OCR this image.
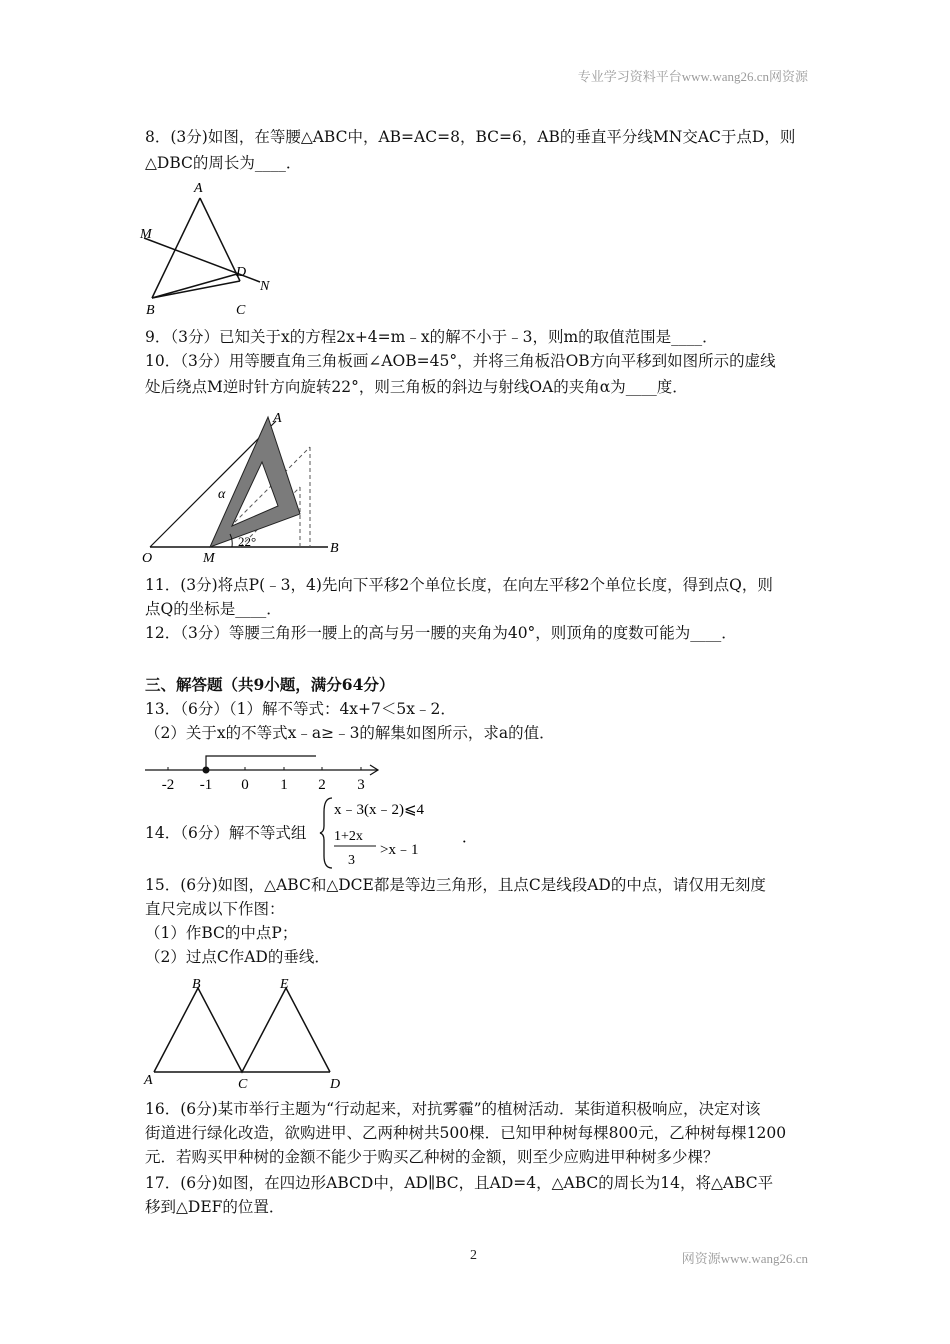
专业学习资料平台www.wang26.cn网资源
8．(3分)如图，在等腰△ABC中，AB=AC=8，BC=6，AB的垂直平分线MN交AC于点D，则
△DBC的周长为____．
A
B	C
D
M
N
9．（3分）已知关于x的方程2x+4=m﹣x的解不小于﹣3，则m的取值范围是____．
10．（3分）用等腰直角三角板画∠AOB=45°，并将三角板沿OB方向平移到如图所示的虚线
处后绕点M逆时针方向旋转22°，则三角板的斜边与射线OA的夹角α为____度．
A
O	M
B
α
22°
11．(3分)将点P(﹣3，4)先向下平移2个单位长度，在向左平移2个单位长度，得到点Q，则
点Q的坐标是____．
12．（3分）等腰三角形一腰上的高与另一腰的夹角为40°，则顶角的度数可能为____．
三、解答题（共9小题，满分64分）
13．（6分）（1）解不等式：4x+7＜5x﹣2．
（2）关于x的不等式x﹣a≥﹣3的解集如图所示，求a的值．
-2 -1 0 1 2 3
14．（6分）解不等式组
x﹣3(x﹣2)⩽4
1+2x
3
>x﹣1
．
15．(6分)如图，△ABC和△DCE都是等边三角形，且点C是线段AD的中点，请仅用无刻度
直尺完成以下作图：
（1）作BC的中点P；
（2）过点C作AD的垂线．
A
B
C	D
E
16．(6分)某市举行主题为“行动起来，对抗雾霾”的植树活动．某街道积极响应，决定对该
街道进行绿化改造，欲购进甲、乙两种树共500棵．已知甲种树每棵800元，乙种树每棵1200
元．若购买甲种树的金额不能少于购买乙种树的金额，则至少应购进甲种树多少棵？
17．(6分)如图，在四边形ABCD中，AD∥BC，且AD=4，△ABC的周长为14，将△ABC平
移到△DEF的位置．
2	网资源www.wang26.cn
